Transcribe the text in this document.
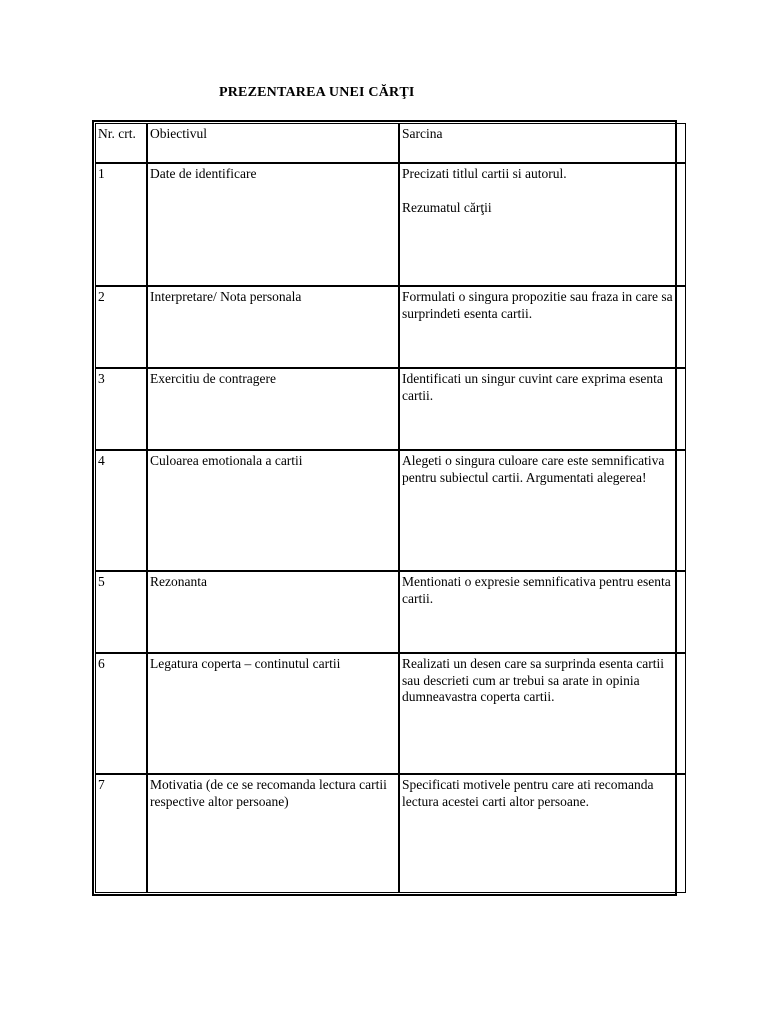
PREZENTAREA UNEI CĂRŢI
Nr. crt.	Obiectivul	Sarcina
1	Date de identificare	Precizati titlul cartii si autorul.
Rezumatul cărţii

2	Interpretare/ Nota personala	Formulati o singura propozitie sau fraza in care sa surprindeti esenta cartii.
3	Exercitiu de contragere	Identificati un singur cuvint care exprima esenta cartii.
4	Culoarea emotionala a cartii	Alegeti o singura culoare care este semnificativa pentru subiectul cartii. Argumentati alegerea!
5	Rezonanta	Mentionati o expresie semnificativa pentru esenta cartii.
6	Legatura coperta – continutul cartii	Realizati un desen care sa surprinda esenta cartii sau descrieti cum ar trebui sa arate in opinia dumneavastra coperta cartii.
7	Motivatia (de ce se recomanda lectura cartii respective altor persoane)	Specificati motivele pentru care ati recomanda lectura acestei carti altor persoane.
